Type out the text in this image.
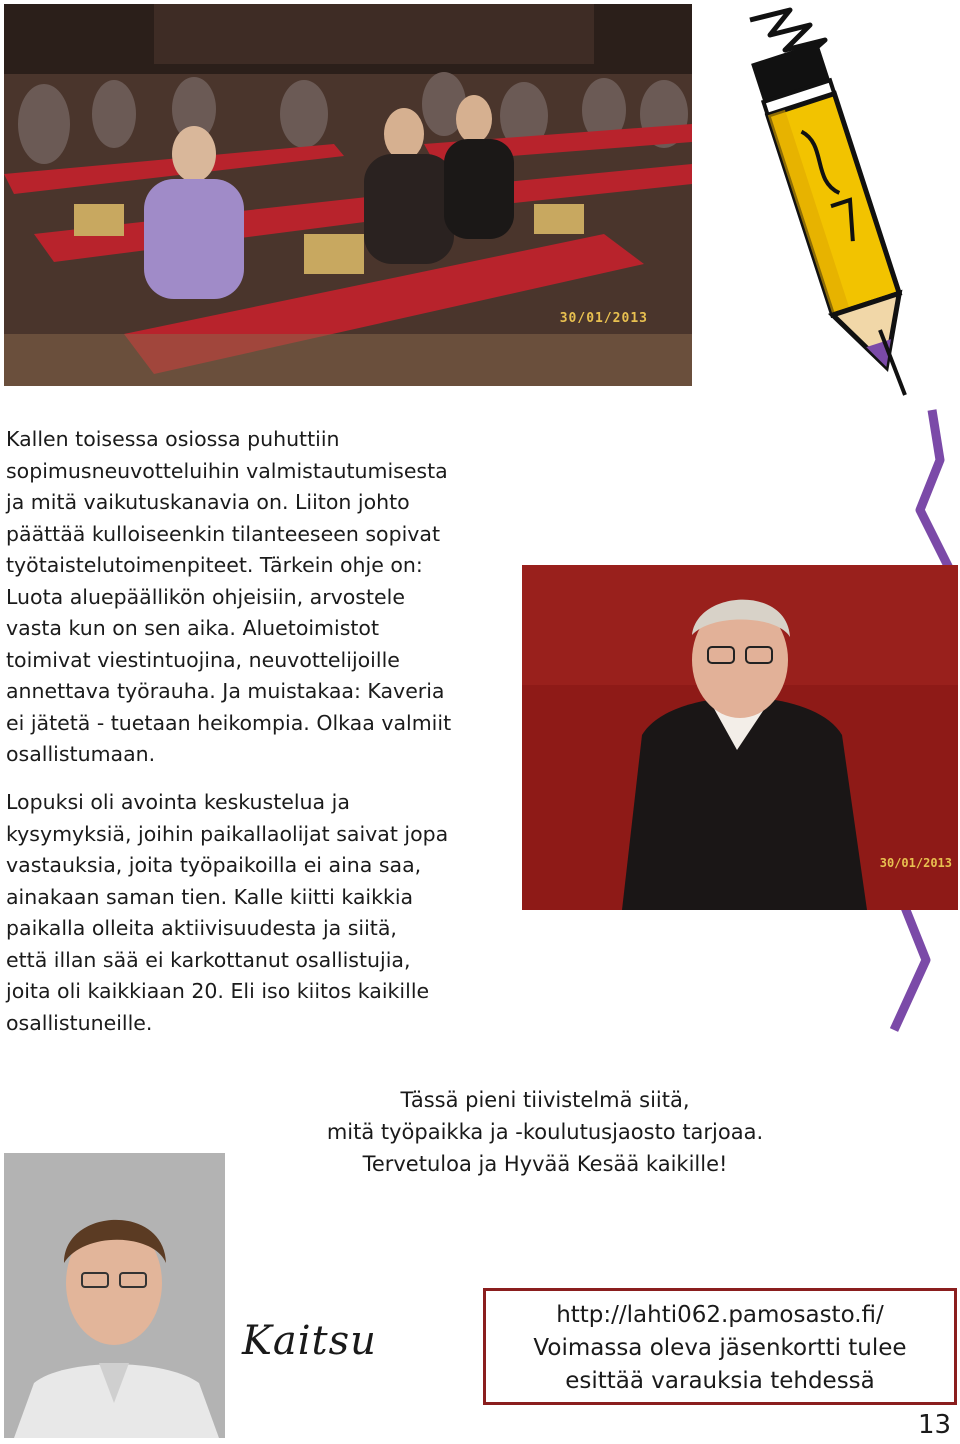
30/01/2013

Kallen toisessa osiossa puhuttiin
sopimusneuvotteluihin valmistautumisesta
ja mitä vaikutuskanavia on. Liiton johto
päättää kulloiseenkin tilanteeseen sopivat
työtaistelutoimenpiteet. Tärkein ohje on:
Luota aluepäällikön ohjeisiin, arvostele
vasta kun on sen aika. Aluetoimistot
toimivat viestintuojina, neuvottelijoille
annettava työrauha. Ja muistakaa: Kaveria
ei jätetä - tuetaan heikompia. Olkaa valmiit
osallistumaan.

30/01/2013

Lopuksi oli avointa keskustelua ja
kysymyksiä, joihin paikallaolijat saivat jopa
vastauksia, joita työpaikoilla ei aina saa,
ainakaan saman tien. Kalle kiitti kaikkia
paikalla olleita aktiivisuudesta ja siitä,
että illan sää ei karkottanut osallistujia,
joita oli kaikkiaan 20. Eli iso kiitos kaikille
osallistuneille.

Tässä pieni tiivistelmä siitä,
mitä työpaikka ja -koulutusjaosto tarjoaa.
Tervetuloa ja Hyvää Kesää kaikille!
Kaitsu
http://lahti062.pamosasto.fi/
Voimassa oleva jäsenkortti tulee
esittää varauksia tehdessä
13
